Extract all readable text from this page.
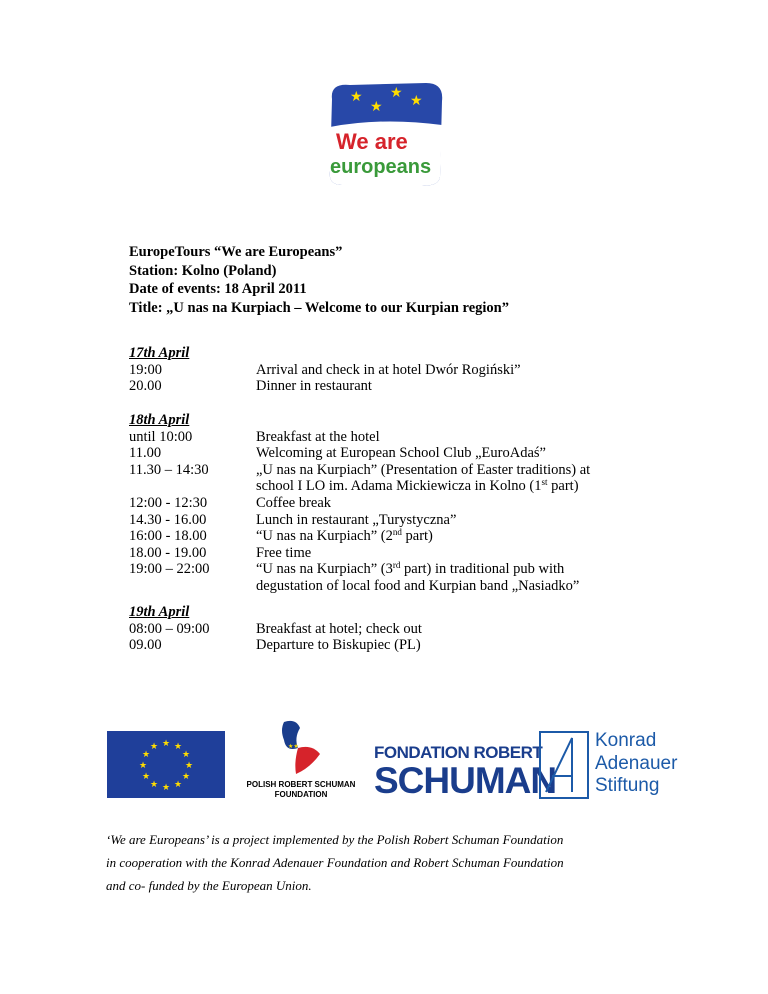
★
★
★
★
We are
europeans
EuropeTours “We are Europeans”
Station: Kolno (Poland)
Date of events: 18 April 2011
Title: „U nas na Kurpiach – Welcome to our Kurpian region”
17th April
19:00
20.00
Arrival and check in at hotel Dwór Rogiński”
Dinner in restaurant
18th April
until 10:00
11.00
11.30 – 14:30
12:00 - 12:30
14.30 - 16.00
16:00 - 18.00
18.00 - 19.00
19:00 – 22:00
Breakfast at the hotel
Welcoming at European School Club „EuroAdaś”
„U nas na Kurpiach” (Presentation of Easter traditions) at
school I LO im. Adama Mickiewicza in Kolno (1st part)
Coffee break
Lunch in restaurant „Turystyczna”
“U nas na Kurpiach” (2nd part)
Free time
“U nas na Kurpiach” (3rd part) in traditional pub with
degustation of local food and Kurpian band „Nasiadko”
19th April
08:00 – 09:00
09.00
Breakfast at hotel; check out
Departure to Biskupiec (PL)
★ ★
★
★
★
★
★
★
★
★
★
★	★★
POLISH ROBERT SCHUMAN
FOUNDATION
FONDATION ROBERT
SCHUMAN
Konrad
Adenauer
Stiftung
‘We are Europeans’ is a project implemented by the Polish Robert Schuman Foundation
in cooperation with the Konrad Adenauer Foundation and Robert Schuman Foundation
and co- funded by the European Union.
